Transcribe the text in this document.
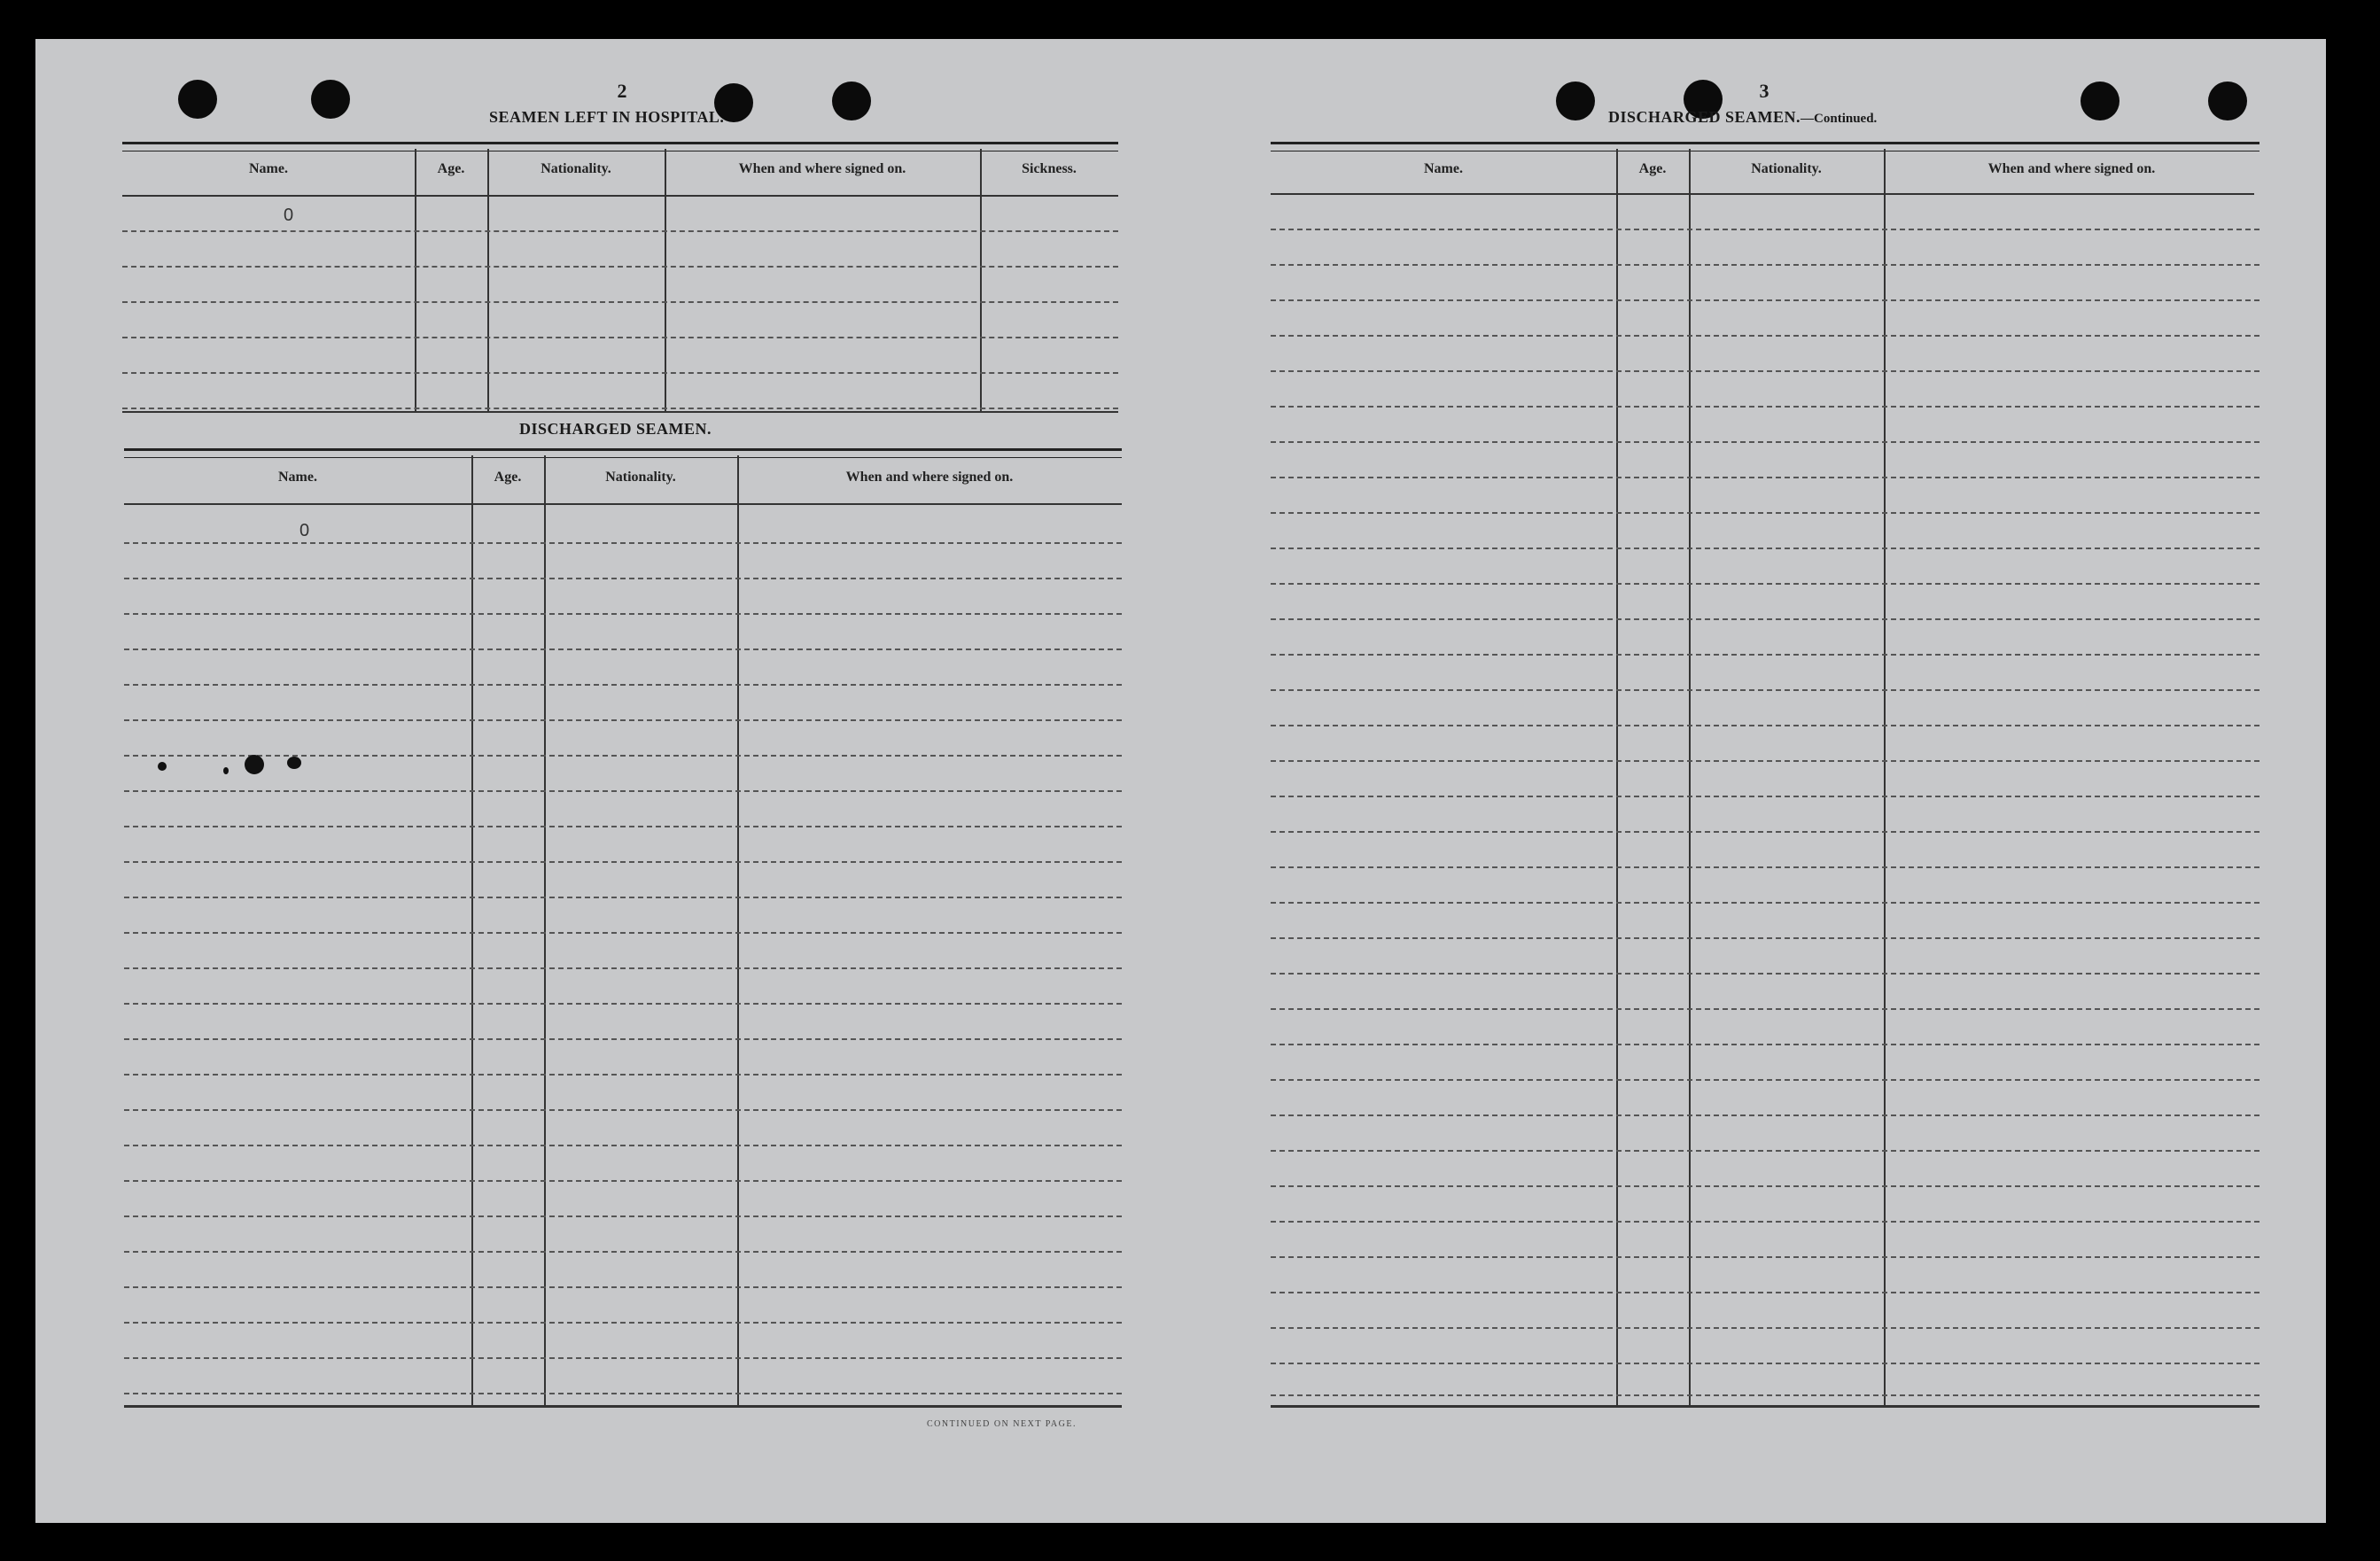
2
SEAMEN LEFT IN HOSPITAL.
Name.	Age.	Nationality.	When and where signed on.	Sickness.
0
DISCHARGED SEAMEN.
Name.	Age.	Nationality.	When and where signed on.
0
CONTINUED ON NEXT PAGE.
3
DISCHARGED SEAMEN.—Continued.
Name.	Age.	Nationality.	When and where signed on.
